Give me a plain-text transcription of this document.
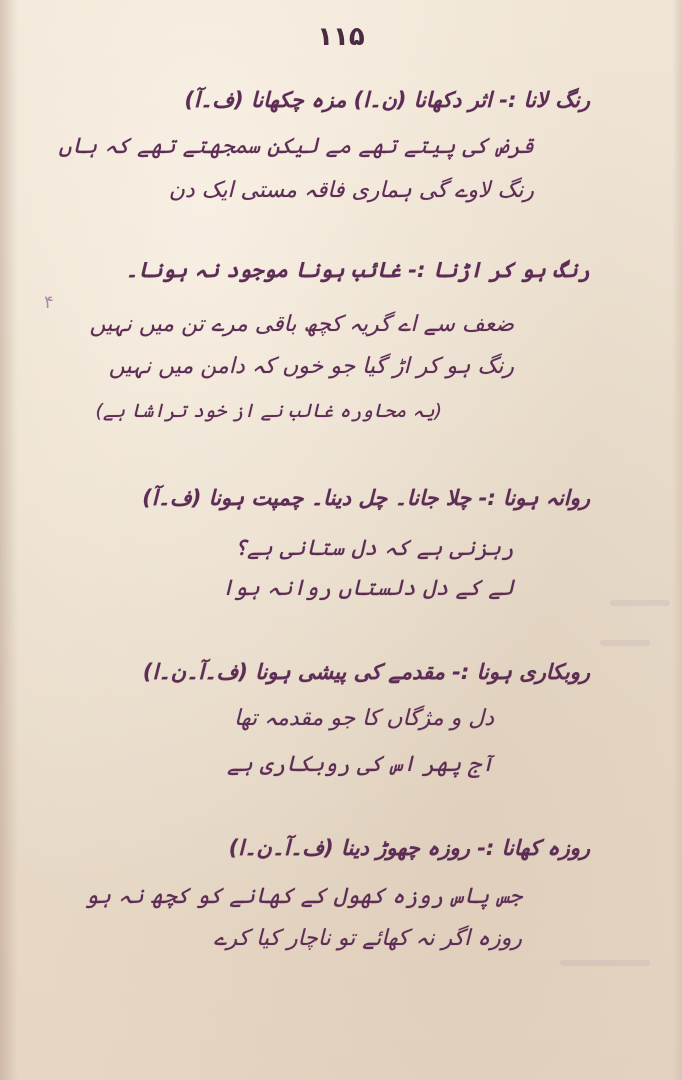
۱۱۵
۴
رنگ لانا :- اثر دکھانا (ن۔ا) مزہ چکھانا (ف۔آ)
قرض کی پیتے تھے مے لیکن سمجھتے تھے کہ ہاں
رنگ لاوے گی ہماری فاقہ مستی ایک دن
رنگ ہو کر اڑنا :- غائب ہونا موجود نہ ہونا۔
ضعف سے اے گریہ کچھ باقی مرے تن میں نہیں
رنگ ہو کر اڑ گیا جو خوں کہ دامن میں نہیں
(یہ محاورہ غالب نے از خود تراشا ہے)
روانہ ہونا :- چلا جانا۔ چل دینا۔ چمپت ہونا (ف۔آ)
رہزنی ہے کہ دل ستانی ہے؟
لے کے دل دلستاں روانہ ہوا
روبکاری ہونا :- مقدمے کی پیشی ہونا (ف۔آ۔ن۔ا)
دل و مژگاں کا جو مقدمہ تھا
آج پھر اس کی روبکاری ہے
روزہ کھانا :- روزہ چھوڑ دینا (ف۔آ۔ن۔ا)
جس پاس روزہ کھول کے کھانے کو کچھ نہ ہو
روزہ اگر نہ کھائے تو ناچار کیا کرے
